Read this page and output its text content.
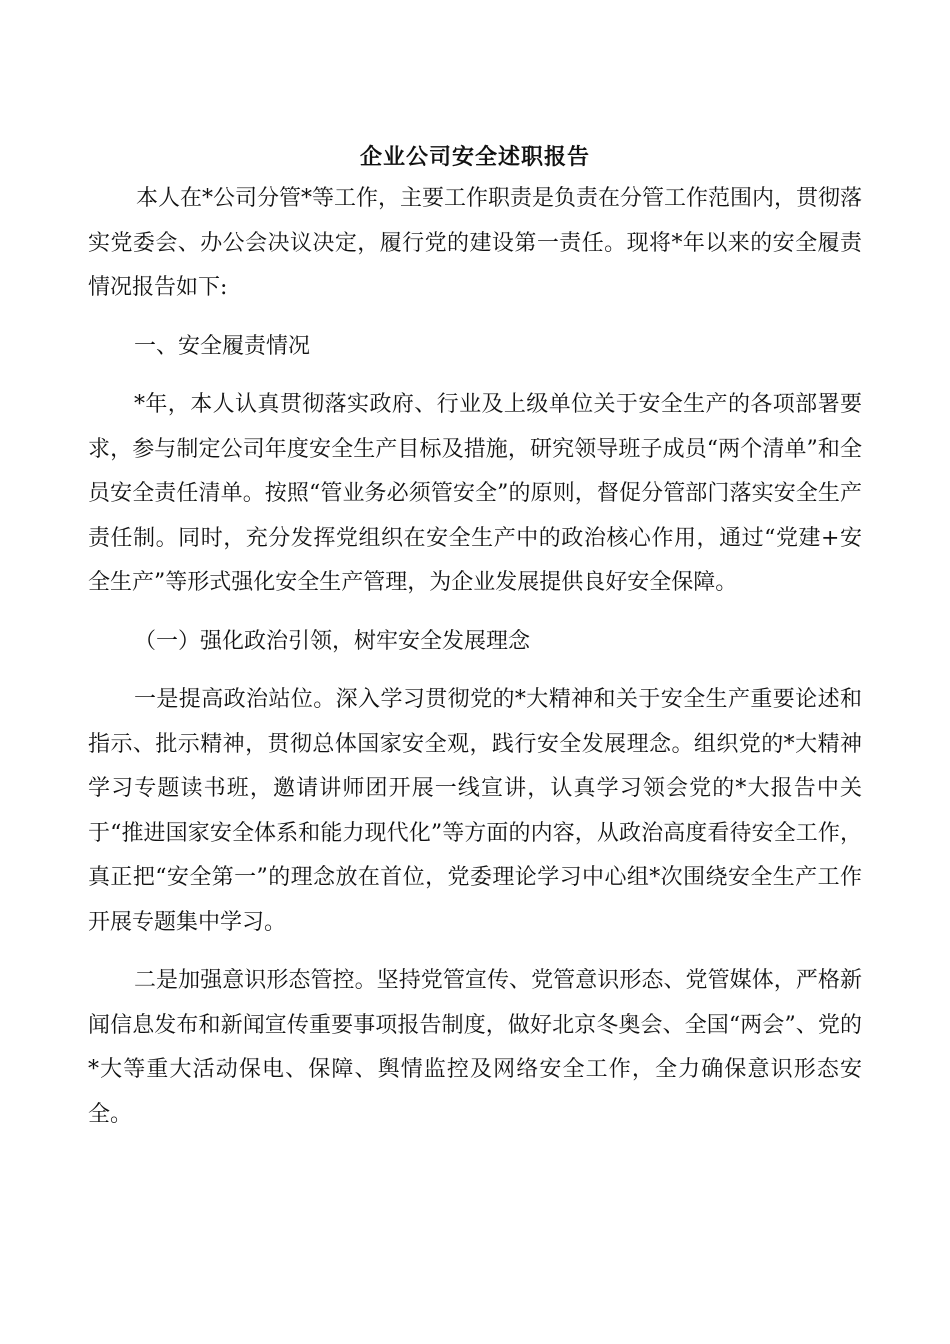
企业公司安全述职报告

本人在*公司分管*等工作，主要工作职责是负责在分管工作范围内，贯彻落实党委会、办公会决议决定，履行党的建设第一责任。现将*年以来的安全履责情况报告如下:

一、安全履责情况

*年，本人认真贯彻落实政府、行业及上级单位关于安全生产的各项部署要求，参与制定公司年度安全生产目标及措施，研究领导班子成员“两个清单”和全员安全责任清单。按照“管业务必须管安全”的原则，督促分管部门落实安全生产责任制。同时，充分发挥党组织在安全生产中的政治核心作用，通过“党建+安全生产”等形式强化安全生产管理，为企业发展提供良好安全保障。

（一）强化政治引领，树牢安全发展理念

一是提高政治站位。深入学习贯彻党的*大精神和关于安全生产重要论述和指示、批示精神，贯彻总体国家安全观，践行安全发展理念。组织党的*大精神学习专题读书班，邀请讲师团开展一线宣讲，认真学习领会党的*大报告中关于“推进国家安全体系和能力现代化”等方面的内容，从政治高度看待安全工作，真正把“安全第一”的理念放在首位，党委理论学习中心组*次围绕安全生产工作开展专题集中学习。

二是加强意识形态管控。坚持党管宣传、党管意识形态、党管媒体，严格新闻信息发布和新闻宣传重要事项报告制度，做好北京冬奥会、全国“两会”、党的*大等重大活动保电、保障、舆情监控及网络安全工作，全力确保意识形态安全。
